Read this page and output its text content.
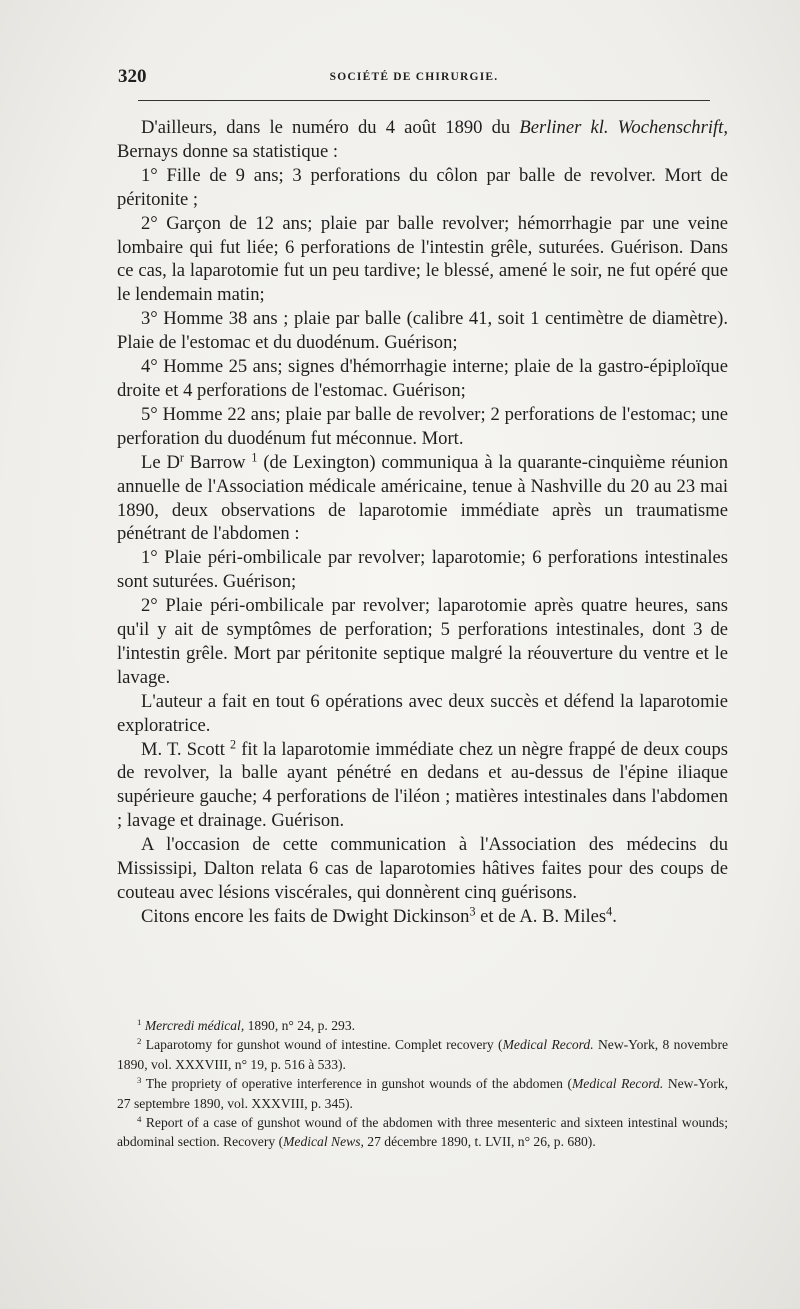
320	SOCIÉTÉ DE CHIRURGIE.

D'ailleurs, dans le numéro du 4 août 1890 du Berliner kl. Wochenschrift, Bernays donne sa statistique :

1° Fille de 9 ans; 3 perforations du côlon par balle de revolver. Mort de péritonite ;

2° Garçon de 12 ans; plaie par balle revolver; hémorrhagie par une veine lombaire qui fut liée; 6 perforations de l'intestin grêle, suturées. Guérison. Dans ce cas, la laparotomie fut un peu tardive; le blessé, amené le soir, ne fut opéré que le lendemain matin;

3° Homme 38 ans ; plaie par balle (calibre 41, soit 1 centimètre de diamètre). Plaie de l'estomac et du duodénum. Guérison;

4° Homme 25 ans; signes d'hémorrhagie interne; plaie de la gastro-épiploïque droite et 4 perforations de l'estomac. Guérison;

5° Homme 22 ans; plaie par balle de revolver; 2 perforations de l'estomac; une perforation du duodénum fut méconnue. Mort.

Le $D^r$ Barrow $^1$ (de Lexington) communiqua à la quarante-cinquième réunion annuelle de l'Association médicale américaine, tenue à Nashville du 20 au 23 mai 1890, deux observations de laparotomie immédiate après un traumatisme pénétrant de l'abdomen :

1° Plaie péri-ombilicale par revolver; laparotomie; 6 perforations intestinales sont suturées. Guérison;

2° Plaie péri-ombilicale par revolver; laparotomie après quatre heures, sans qu'il y ait de symptômes de perforation; 5 perforations intestinales, dont 3 de l'intestin grêle. Mort par péritonite septique malgré la réouverture du ventre et le lavage.

L'auteur a fait en tout 6 opérations avec deux succès et défend la laparotomie exploratrice.

M. T. Scott $^2$ fit la laparotomie immédiate chez un nègre frappé de deux coups de revolver, la balle ayant pénétré en dedans et au-dessus de l'épine iliaque supérieure gauche; 4 perforations de l'iléon ; matières intestinales dans l'abdomen ; lavage et drainage. Guérison.

A l'occasion de cette communication à l'Association des médecins du Mississipi, Dalton relata 6 cas de laparotomies hâtives faites pour des coups de couteau avec lésions viscérales, qui donnèrent cinq guérisons.

Citons encore les faits de Dwight Dickinson$^3$ et de A. B. Miles$^4$.

$^1$ Mercredi médical, 1890, n° 24, p. 293.

$^2$ Laparotomy for gunshot wound of intestine. Complet recovery (Medical Record. New-York, 8 novembre 1890, vol. XXXVIII, n° 19, p. 516 à 533).

$^3$ The propriety of operative interference in gunshot wounds of the abdomen (Medical Record. New-York, 27 septembre 1890, vol. XXXVIII, p. 345).

$^4$ Report of a case of gunshot wound of the abdomen with three mesenteric and sixteen intestinal wounds; abdominal section. Recovery (Medical News, 27 décembre 1890, t. LVII, n° 26, p. 680).
